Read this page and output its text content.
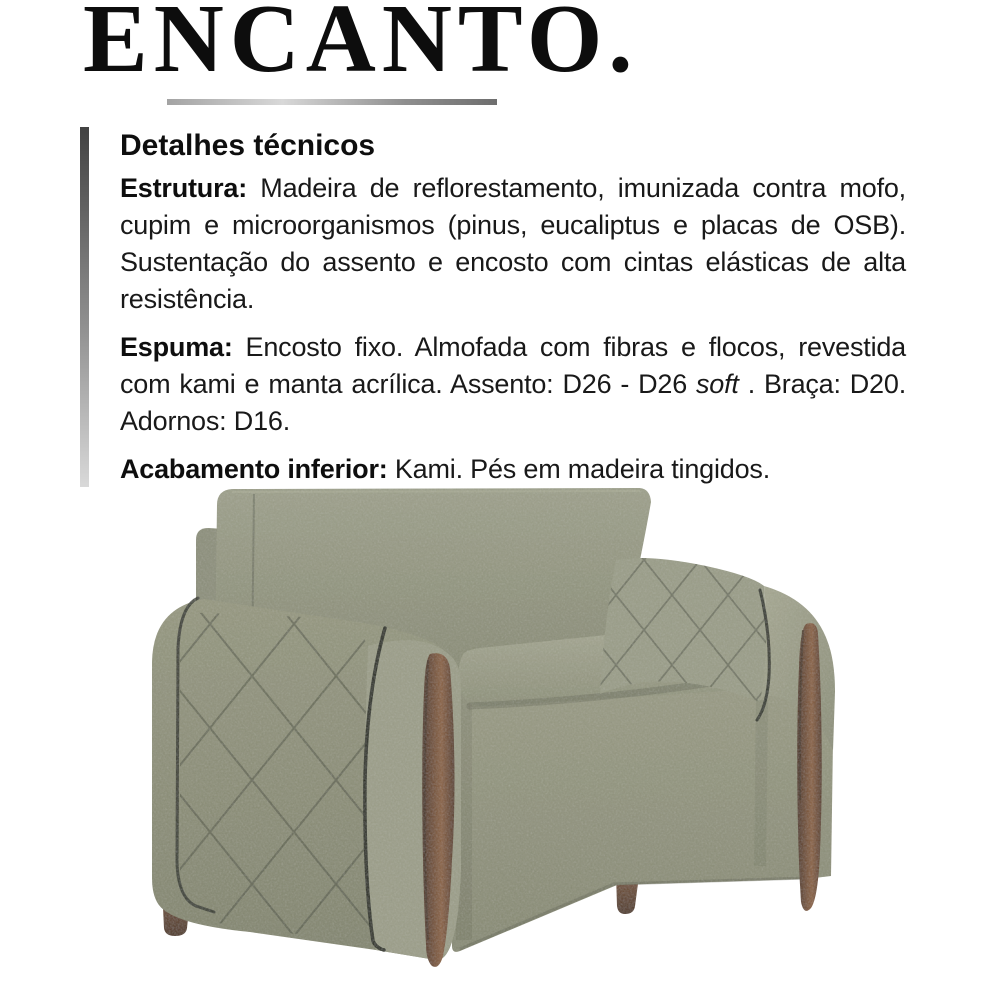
ENCANTO.
Detalhes técnicos

Estrutura: Madeira de reflorestamento, imunizada contra mofo, cupim e microorganismos (pinus, eucaliptus e placas de OSB). Sustentação do assento e encosto com cintas elásticas de alta resistência.

Espuma: Encosto fixo. Almofada com fibras e flocos, revestida com kami e manta acrílica. Assento: D26 - D26 soft . Braça: D20. Adornos: D16.

Acabamento inferior: Kami. Pés em madeira tingidos.
